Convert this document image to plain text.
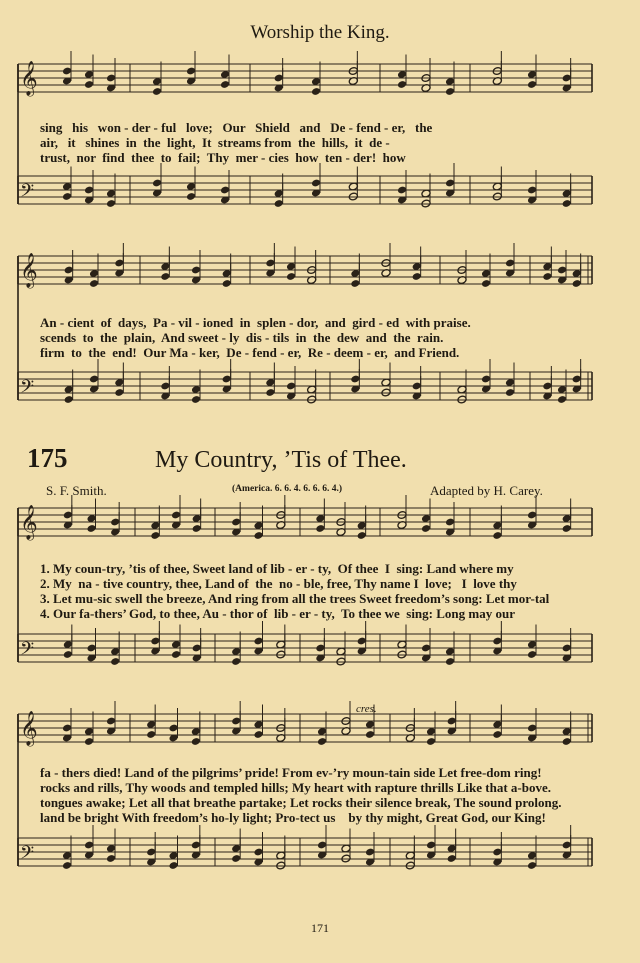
𝄞
𝄢
𝄞
𝄢
𝄞
𝄢
𝄞
𝄢
Worship the King.
sing   his   won - der - ful   love;   Our   Shield   and   De - fend - er,   the
air,   it   shines  in  the  light,  It  streams from  the  hills,  it  de -
trust,  nor  find  thee  to  fail;  Thy  mer - cies  how  ten - der!  how
An - cient  of  days,  Pa - vil - ioned  in  splen - dor,  and  gird - ed  with praise.
scends  to  the  plain,  And sweet - ly  dis - tils  in  the  dew  and  the  rain.
firm  to  the  end!  Our Ma - ker,  De - fend - er,  Re - deem - er,  and Friend.
175	My Country, ’Tis of Thee.
S. F. Smith.	(America. 6. 6. 4. 6. 6. 6. 4.)	Adapted by H. Carey.
1. My coun-try, ’tis of thee, Sweet land of lib - er - ty,  Of thee  I  sing: Land where my
2. My  na - tive country, thee, Land of  the  no - ble, free, Thy name I  love;   I  love thy
3. Let mu-sic swell the breeze, And ring from all the trees Sweet freedom’s song: Let mor-tal
4. Our fa-thers’ God, to thee, Au - thor of  lib - er - ty,  To thee we  sing: Long may our
cres.
fa - thers died! Land of the pilgrims’ pride! From ev-’ry moun-tain side Let free-dom ring!
rocks and rills, Thy woods and templed hills; My heart with rapture thrills Like that a-bove.
tongues awake; Let all that breathe partake; Let rocks their silence break, The sound prolong.
land be bright With freedom’s ho-ly light; Pro-tect us    by thy might, Great God, our King!
171
